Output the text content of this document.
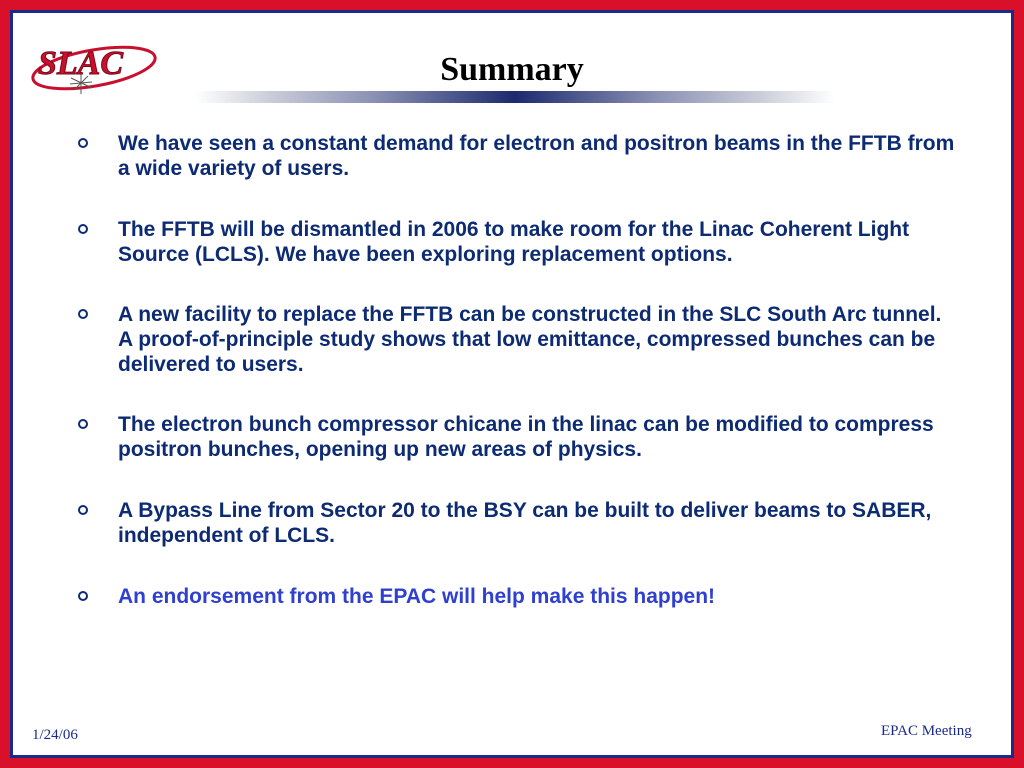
SLAC	Summary
We have seen a constant demand for electron and positron beams in the FFTB from a wide variety of users.
The FFTB will be dismantled in 2006 to make room for the Linac Coherent Light Source (LCLS). We have been exploring replacement options.
A new facility to replace the FFTB can be constructed in the SLC South Arc tunnel. A proof-of-principle study shows that low emittance, compressed bunches can be delivered to users.
The electron bunch compressor chicane in the linac can be modified to compress positron bunches, opening up new areas of physics.
A Bypass Line from Sector 20 to the BSY can be built to deliver beams to SABER, independent of LCLS.
An endorsement from the EPAC will help make this happen!
1/24/06	EPAC Meeting
